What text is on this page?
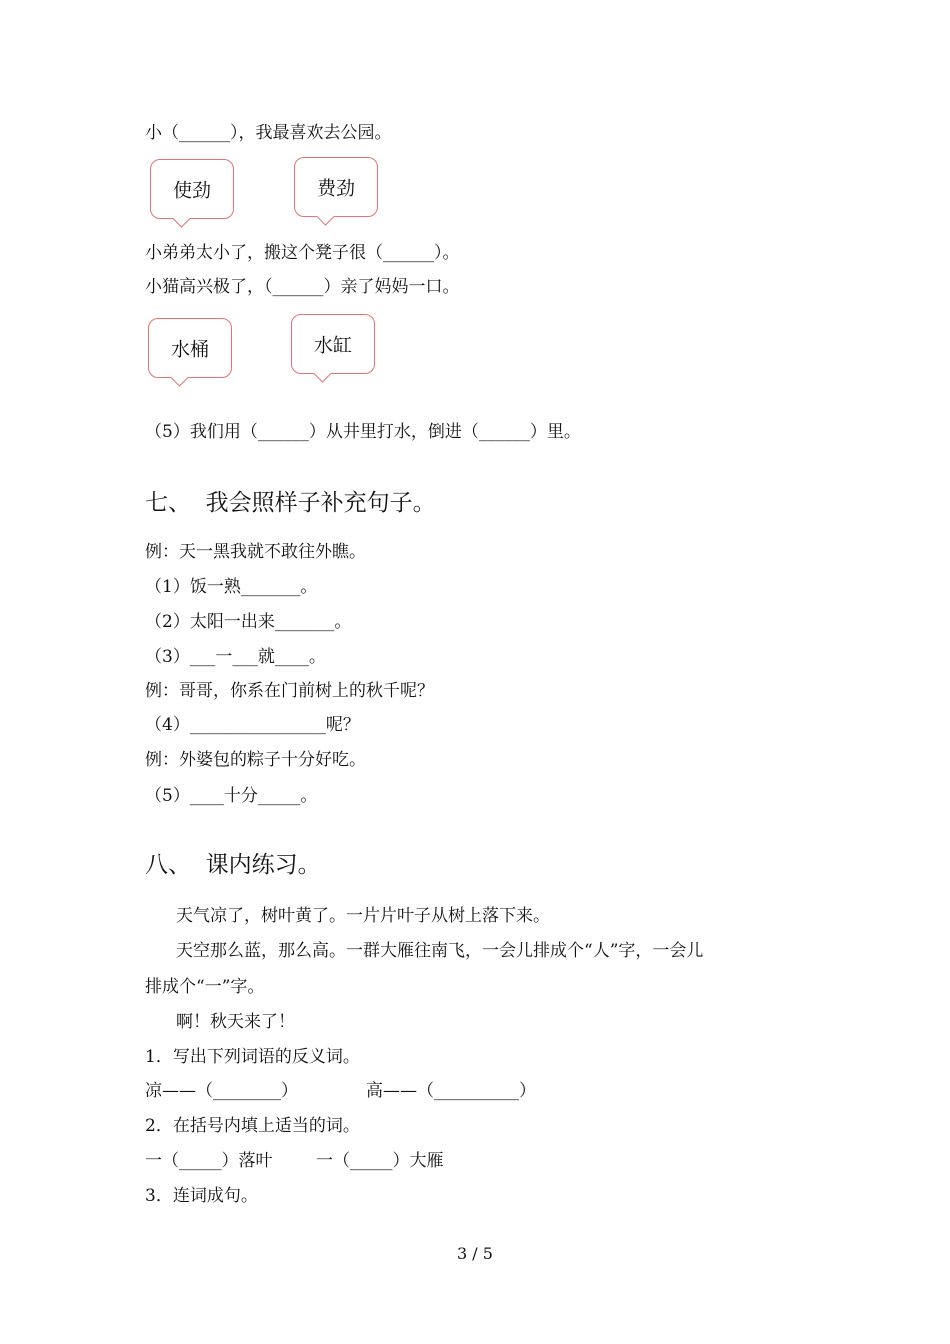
小（______），我最喜欢去公园。
使劲	费劲
小弟弟太小了，搬这个凳子很（______）。
小猫高兴极了，（______）亲了妈妈一口。
水桶	水缸
（5）我们用（______）从井里打水，倒进（______）里。
七、  我会照样子补充句子。
例：天一黑我就不敢往外瞧。
（1）饭一熟_______。
（2）太阳一出来_______。
（3）___一___就____。
例：哥哥，你系在门前树上的秋千呢？
（4）________________呢？
例：外婆包的粽子十分好吃。
（5）____十分_____。
八、  课内练习。
天气凉了，树叶黄了。一片片叶子从树上落下来。
天空那么蓝，那么高。一群大雁往南飞，一会儿排成个“人”字，一会儿
排成个“一”字。
啊！秋天来了！
1．写出下列词语的反义词。
凉——（________）	高——（__________）
2．在括号内填上适当的词。
一（_____）落叶	一（_____）大雁
3．连词成句。
3 / 5
